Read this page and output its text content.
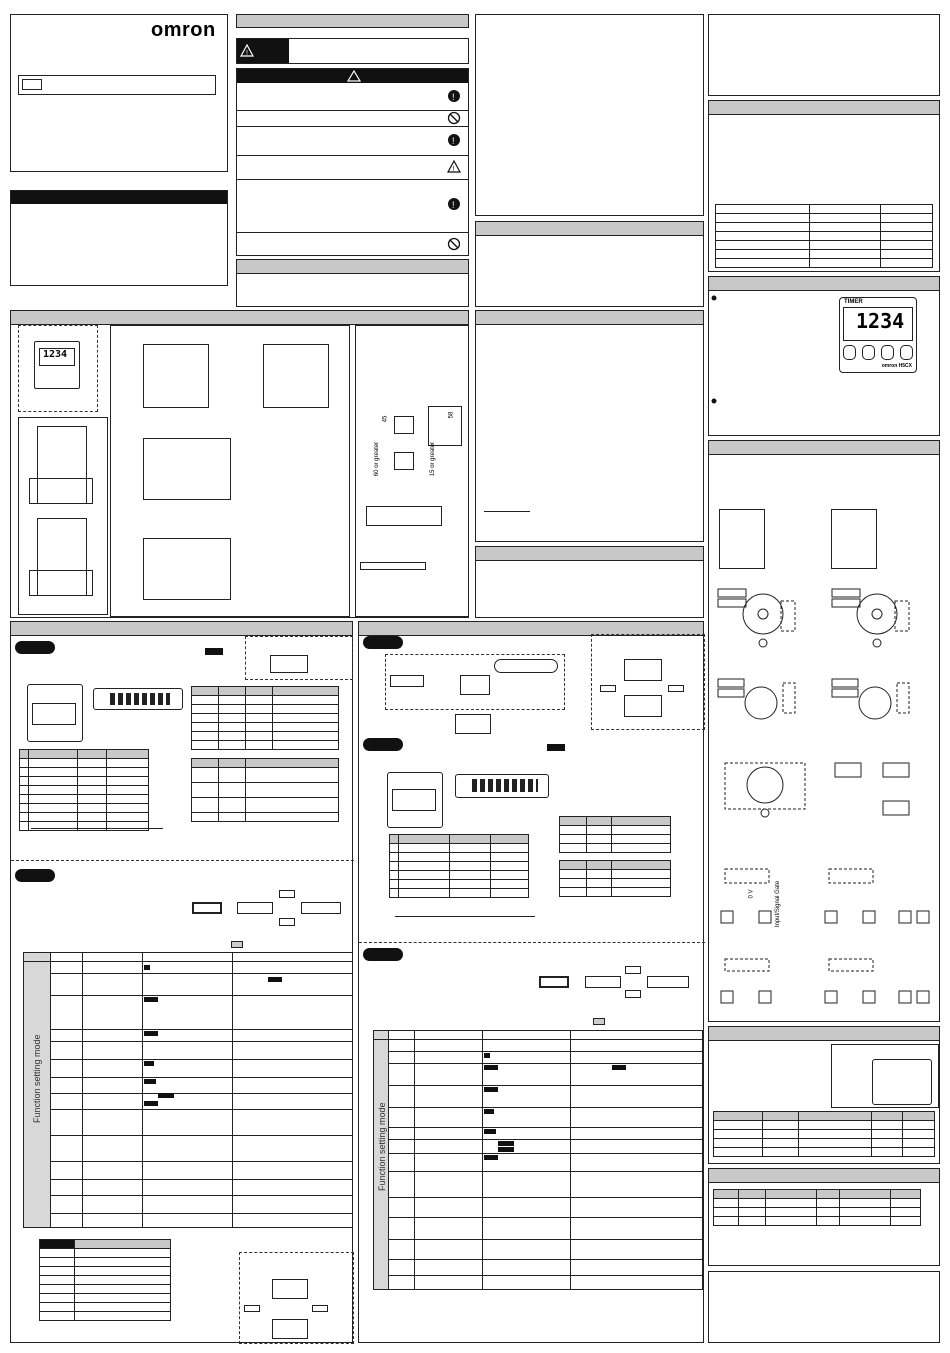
omron
!
!
!
!
!

TIMER
1234
omron H5CX
0 V	Input/Signal Gate

1234
60 or greater	15 or greater
45
58

Function setting mode

Function setting mode
